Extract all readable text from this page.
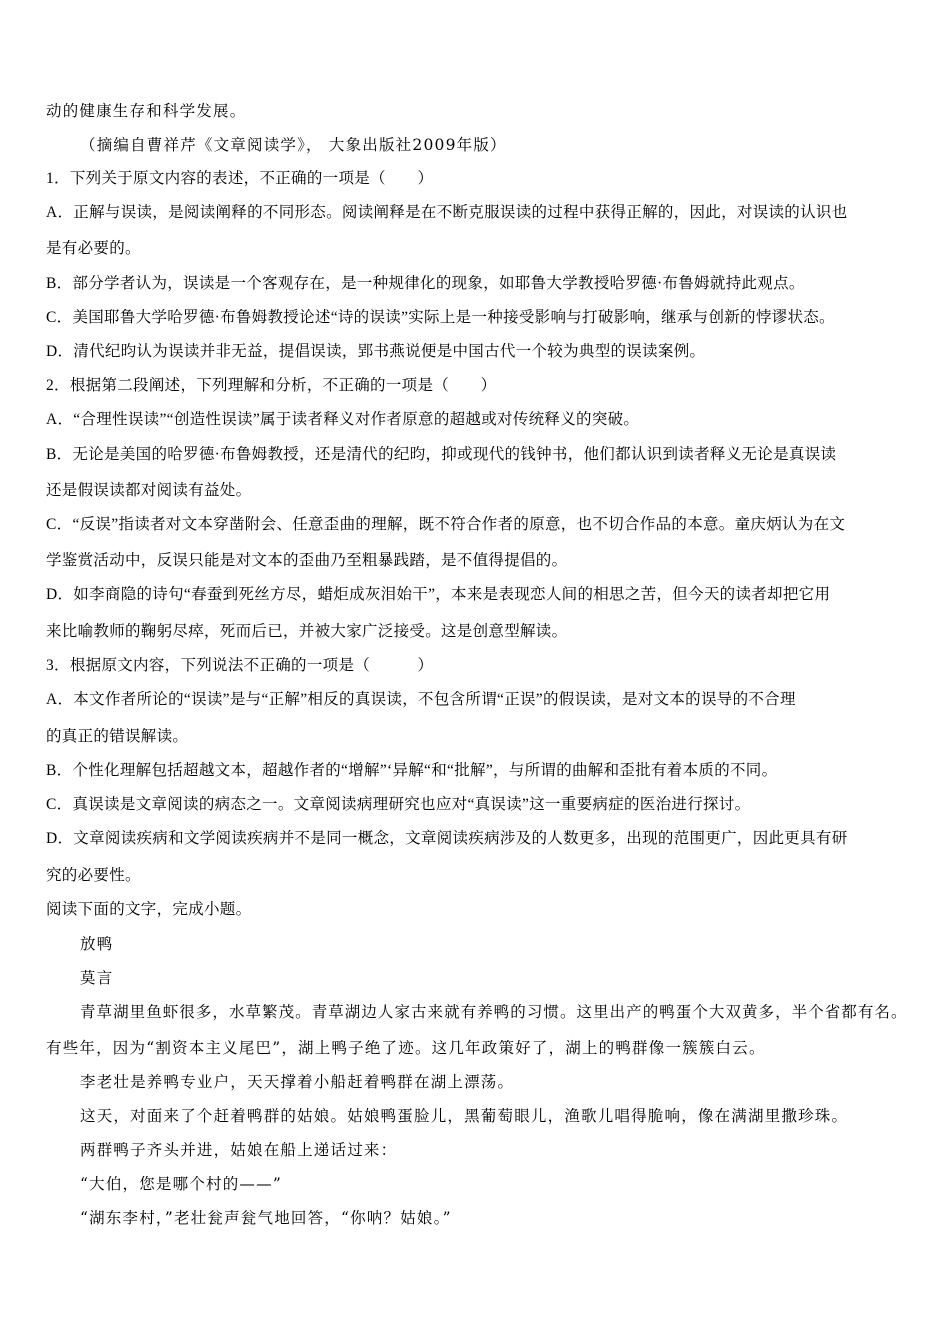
动的健康生存和科学发展。
（摘编自曹祥芹《文章阅读学》， 大象出版社2009年版）
1．下列关于原文内容的表述，不正确的一项是（　　）
A．正解与误读，是阅读阐释的不同形态。阅读阐释是在不断克服误读的过程中获得正解的，因此，对误读的认识也
是有必要的。
B．部分学者认为，误读是一个客观存在，是一种规律化的现象，如耶鲁大学教授哈罗德·布鲁姆就持此观点。
C．美国耶鲁大学哈罗德·布鲁姆教授论述“诗的误读”实际上是一种接受影响与打破影响，继承与创新的悖谬状态。
D．清代纪昀认为误读并非无益，提倡误读，郢书燕说便是中国古代一个较为典型的误读案例。
2．根据第二段阐述，下列理解和分析，不正确的一项是（　　）
A．“合理性误读”“创造性误读”属于读者释义对作者原意的超越或对传统释义的突破。
B．无论是美国的哈罗德·布鲁姆教授，还是清代的纪昀，抑或现代的钱钟书，他们都认识到读者释义无论是真误读
还是假误读都对阅读有益处。
C．“反误”指读者对文本穿凿附会、任意歪曲的理解，既不符合作者的原意，也不切合作品的本意。童庆炳认为在文
学鉴赏活动中，反误只能是对文本的歪曲乃至粗暴践踏，是不值得提倡的。
D．如李商隐的诗句“春蚕到死丝方尽，蜡炬成灰泪始干”，本来是表现恋人间的相思之苦，但今天的读者却把它用
来比喻教师的鞠躬尽瘁，死而后已，并被大家广泛接受。这是创意型解读。
3．根据原文内容，下列说法不正确的一项是（　　　）
A．本文作者所论的“误读”是与“正解”相反的真误读，不包含所谓“正误”的假误读，是对文本的误导的不合理
的真正的错误解读。
B．个性化理解包括超越文本，超越作者的“增解”‘异解“和“批解”，与所谓的曲解和歪批有着本质的不同。
C．真误读是文章阅读的病态之一。文章阅读病理研究也应对“真误读”这一重要病症的医治进行探讨。
D．文章阅读疾病和文学阅读疾病并不是同一概念，文章阅读疾病涉及的人数更多，出现的范围更广，因此更具有研
究的必要性。
阅读下面的文字，完成小题。
放鸭
莫言
青草湖里鱼虾很多，水草繁茂。青草湖边人家古来就有养鸭的习惯。这里出产的鸭蛋个大双黄多，半个省都有名。
有些年，因为“割资本主义尾巴”，湖上鸭子绝了迹。这几年政策好了，湖上的鸭群像一簇簇白云。
李老壮是养鸭专业户，天天撑着小船赶着鸭群在湖上漂荡。
这天，对面来了个赶着鸭群的姑娘。姑娘鸭蛋脸儿，黑葡萄眼儿，渔歌儿唱得脆响，像在满湖里撒珍珠。
两群鸭子齐头并进，姑娘在船上递话过来：
“大伯，您是哪个村的——”
“湖东李村，”老壮瓮声瓮气地回答，“你呐？姑娘。”
